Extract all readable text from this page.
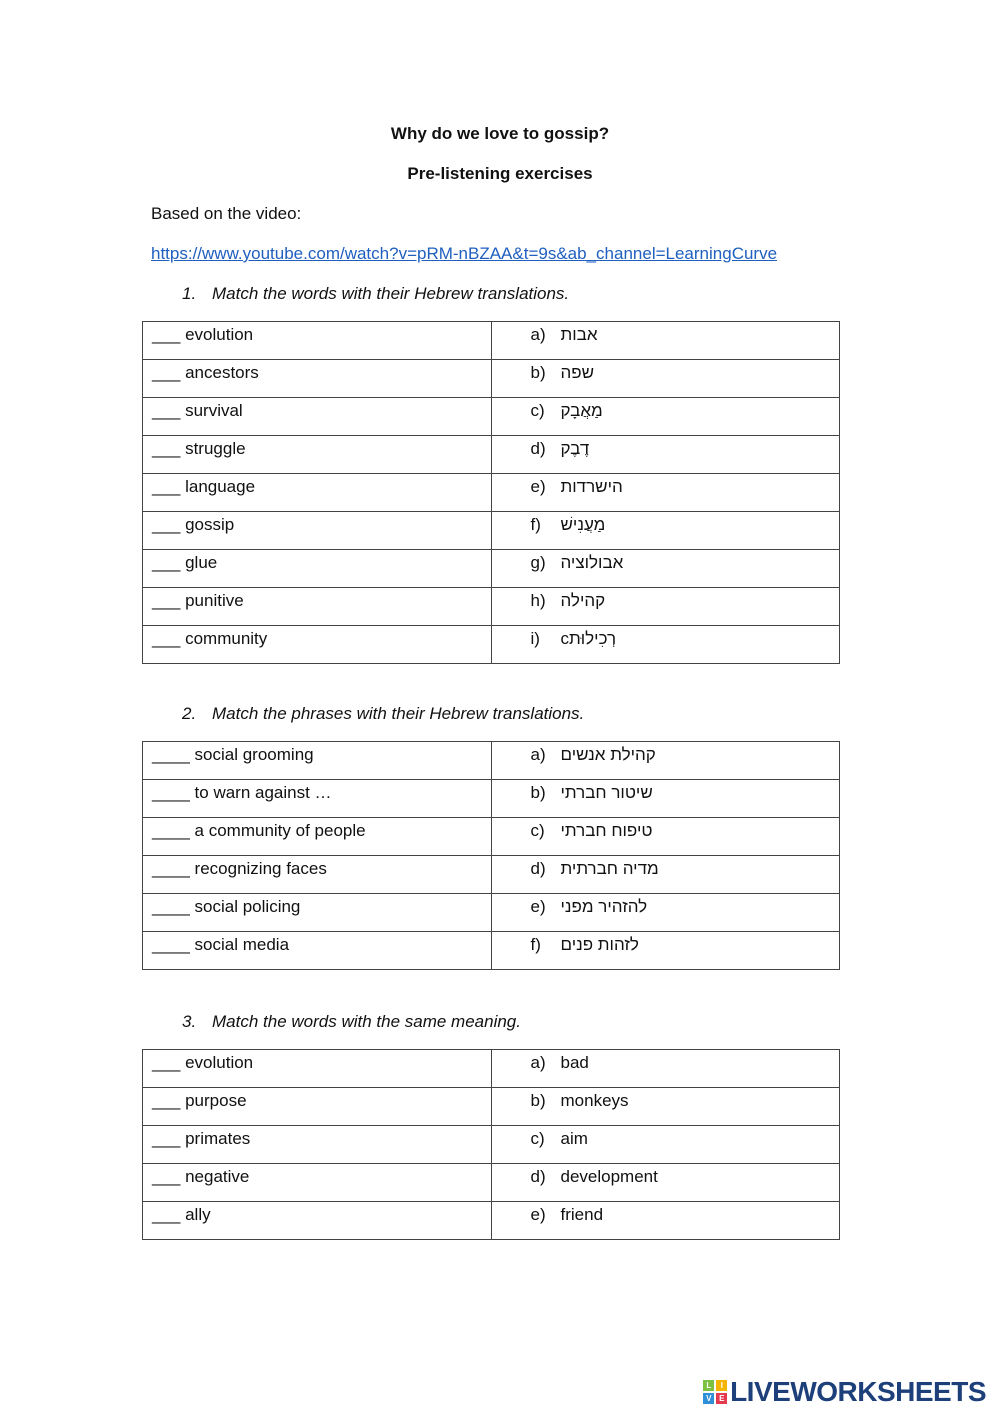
Why do we love to gossip?
Pre-listening exercises
Based on the video:
https://www.youtube.com/watch?v=pRM-nBZAA&t=9s&ab_channel=LearningCurve
1. Match the words with their Hebrew translations.
___ evolution	a) אבות
___ ancestors	b) שפה
___ survival	c) מַאֲבָק
___ struggle	d) דֶבֶק
___ language	e) הישרדות
___ gossip	f) מַעֲנִישׁ
___ glue	g) אבולוציה
___ punitive	h) קהילה
___ community	i) רְכִילוּתc
2. Match the phrases with their Hebrew translations.
____ social grooming	a) קהילת אנשים
____ to warn against …	b) שיטור חברתי
____ a community of people	c) טיפוח חברתי
____ recognizing faces	d) מדיה חברתית
____ social policing	e) להזהיר מפני
____ social media	f) לזהות פנים
3. Match the words with the same meaning.
___ evolution	a) bad
___ purpose	b) monkeys
___ primates	c) aim
___ negative	d) development
___ ally	e) friend
L	I
V	E LIVEWORKSHEETS
